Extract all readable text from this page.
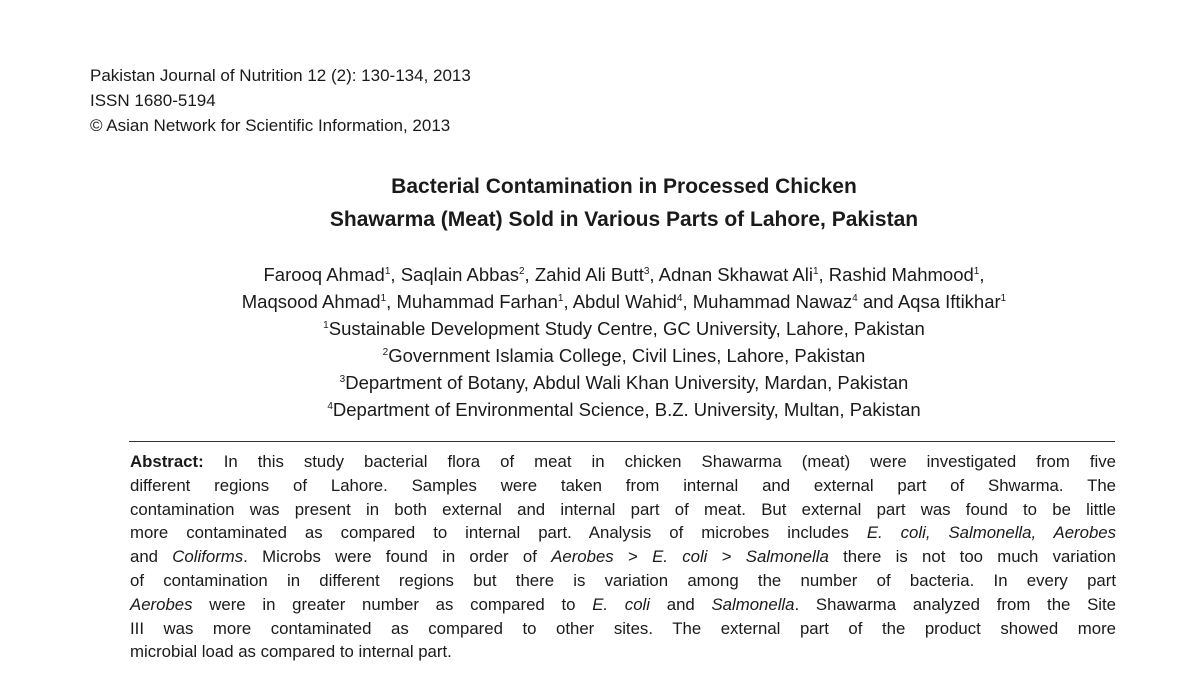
Pakistan Journal of Nutrition 12 (2): 130-134, 2013
ISSN 1680-5194
© Asian Network for Scientific Information, 2013
Bacterial Contamination in Processed Chicken
Shawarma (Meat) Sold in Various Parts of Lahore, Pakistan
Farooq Ahmad$^1$, Saqlain Abbas$^2$, Zahid Ali Butt$^3$, Adnan Skhawat Ali$^1$, Rashid Mahmood$^1$,
Maqsood Ahmad$^1$, Muhammad Farhan$^1$, Abdul Wahid$^4$, Muhammad Nawaz$^4$ and Aqsa Iftikhar$^1$
$^1$Sustainable Development Study Centre, GC University, Lahore, Pakistan
$^2$Government Islamia College, Civil Lines, Lahore, Pakistan
$^3$Department of Botany, Abdul Wali Khan University, Mardan, Pakistan
$^4$Department of Environmental Science, B.Z. University, Multan, Pakistan
Abstract: In this study bacterial flora of meat in chicken Shawarma (meat) were investigated from five
different regions of Lahore. Samples were taken from internal and external part of Shwarma. The
contamination was present in both external and internal part of meat. But external part was found to be little
more contaminated as compared to internal part. Analysis of microbes includes E. coli, Salmonella, Aerobes
and Coliforms. Microbs were found in order of Aerobes > E. coli > Salmonella there is not too much variation
of contamination in different regions but there is variation among the number of bacteria. In every part
Aerobes were in greater number as compared to E. coli and Salmonella. Shawarma analyzed from the Site
III was more contaminated as compared to other sites. The external part of the product showed more
microbial load as compared to internal part.
